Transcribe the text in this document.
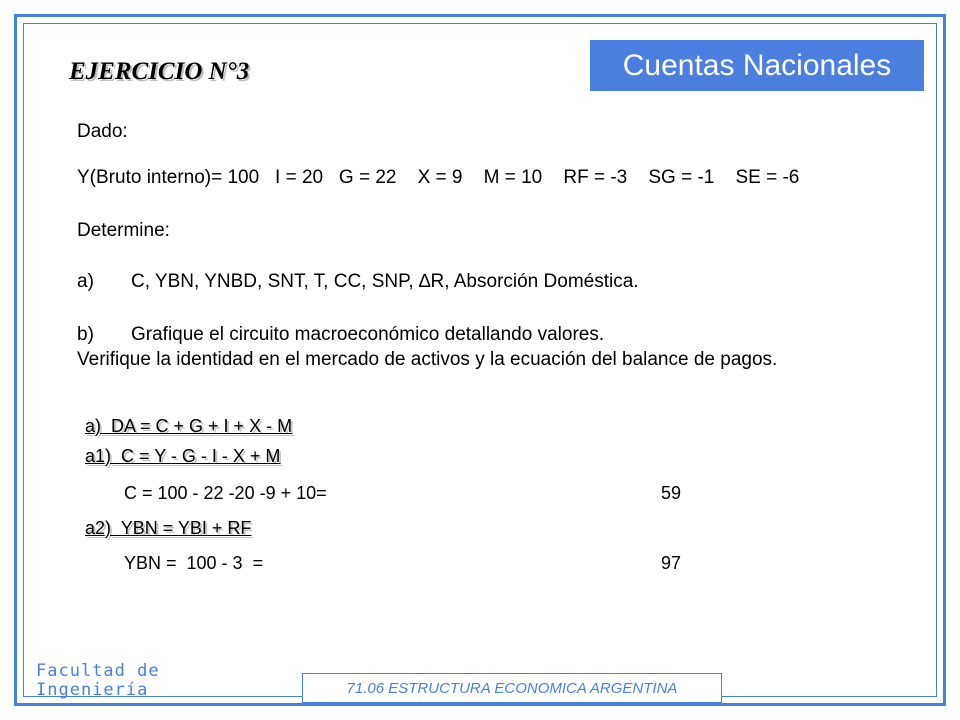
Cuentas Nacionales
EJERCICIO N°3
Dado:
Y(Bruto interno)= 100   I = 20   G = 22    X = 9    M = 10    RF = -3    SG = -1    SE = -6
Determine:
a) C, YBN, YNBD, SNT, T, CC, SNP, ∆R, Absorción Doméstica.
b) Grafique el circuito macroeconómico detallando valores.
Verifique la identidad en el mercado de activos y la ecuación del balance de pagos.
a)  DA = C + G + I + X - M
a1)  C = Y - G - I - X + M
C = 100 - 22 -20 -9 + 10=	59
a2)  YBN = YBI + RF
YBN =  100 - 3  =	97
Facultad de
Ingeniería	71.06 ESTRUCTURA ECONOMICA ARGENTINA
